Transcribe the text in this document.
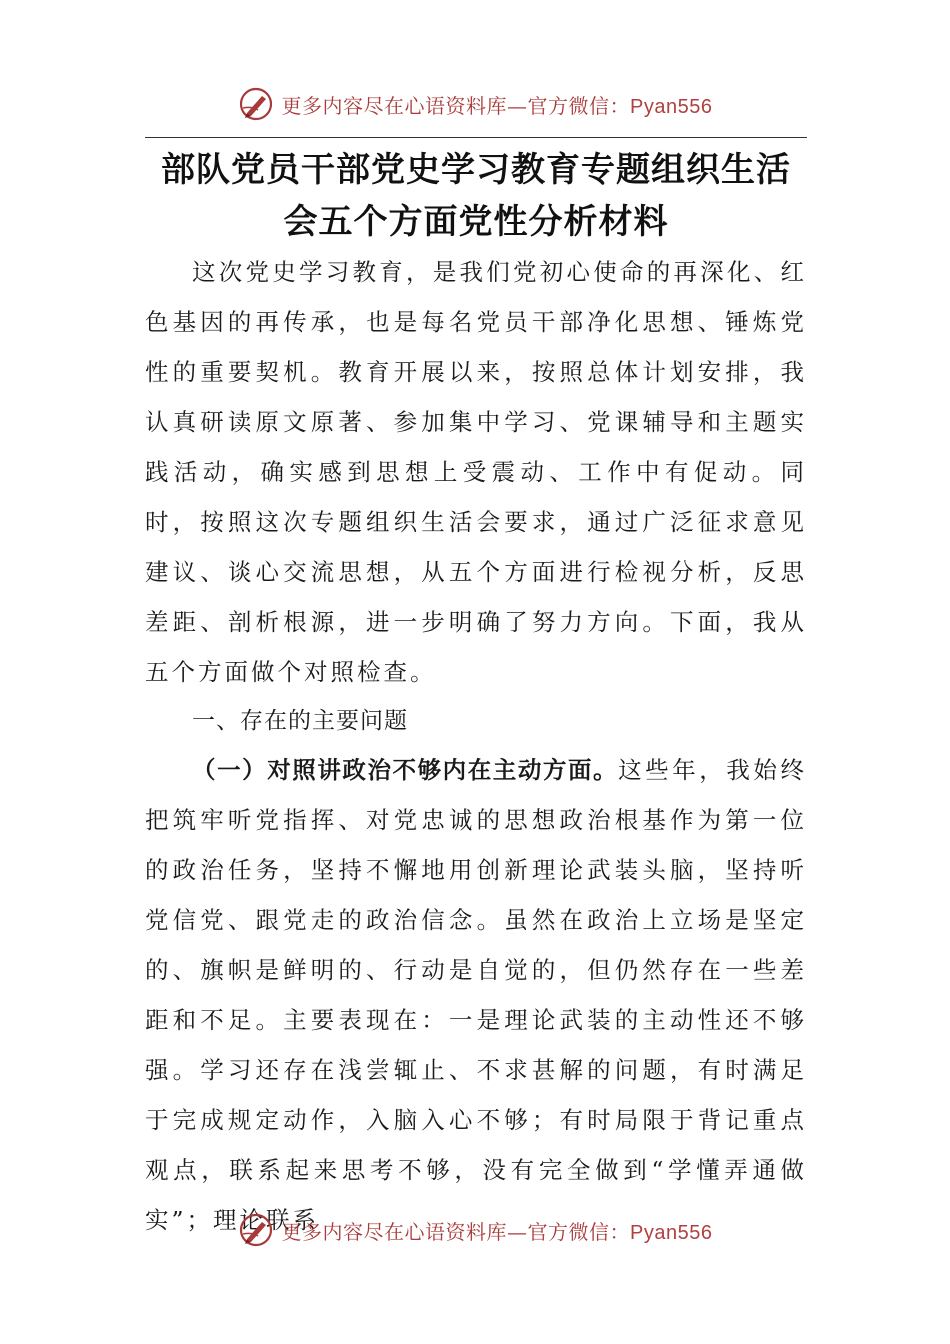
更多内容尽在心语资料库—官方微信：Pyan556
部队党员干部党史学习教育专题组织生活
会五个方面党性分析材料

这次党史学习教育，是我们党初心使命的再深化、红色基因的再传承，也是每名党员干部净化思想、锤炼党性的重要契机。教育开展以来，按照总体计划安排，我认真研读原文原著、参加集中学习、党课辅导和主题实践活动，确实感到思想上受震动、工作中有促动。同时，按照这次专题组织生活会要求，通过广泛征求意见建议、谈心交流思想，从五个方面进行检视分析，反思差距、剖析根源，进一步明确了努力方向。下面，我从五个方面做个对照检查。

一、存在的主要问题

（一）对照讲政治不够内在主动方面。这些年，我始终把筑牢听党指挥、对党忠诚的思想政治根基作为第一位的政治任务，坚持不懈地用创新理论武装头脑，坚持听党信党、跟党走的政治信念。虽然在政治上立场是坚定的、旗帜是鲜明的、行动是自觉的，但仍然存在一些差距和不足。主要表现在：一是理论武装的主动性还不够强。学习还存在浅尝辄止、不求甚解的问题，有时满足于完成规定动作，入脑入心不够；有时局限于背记重点观点，联系起来思考不够，没有完全做到“学懂弄通做实”；理论联系

更多内容尽在心语资料库—官方微信：Pyan556
